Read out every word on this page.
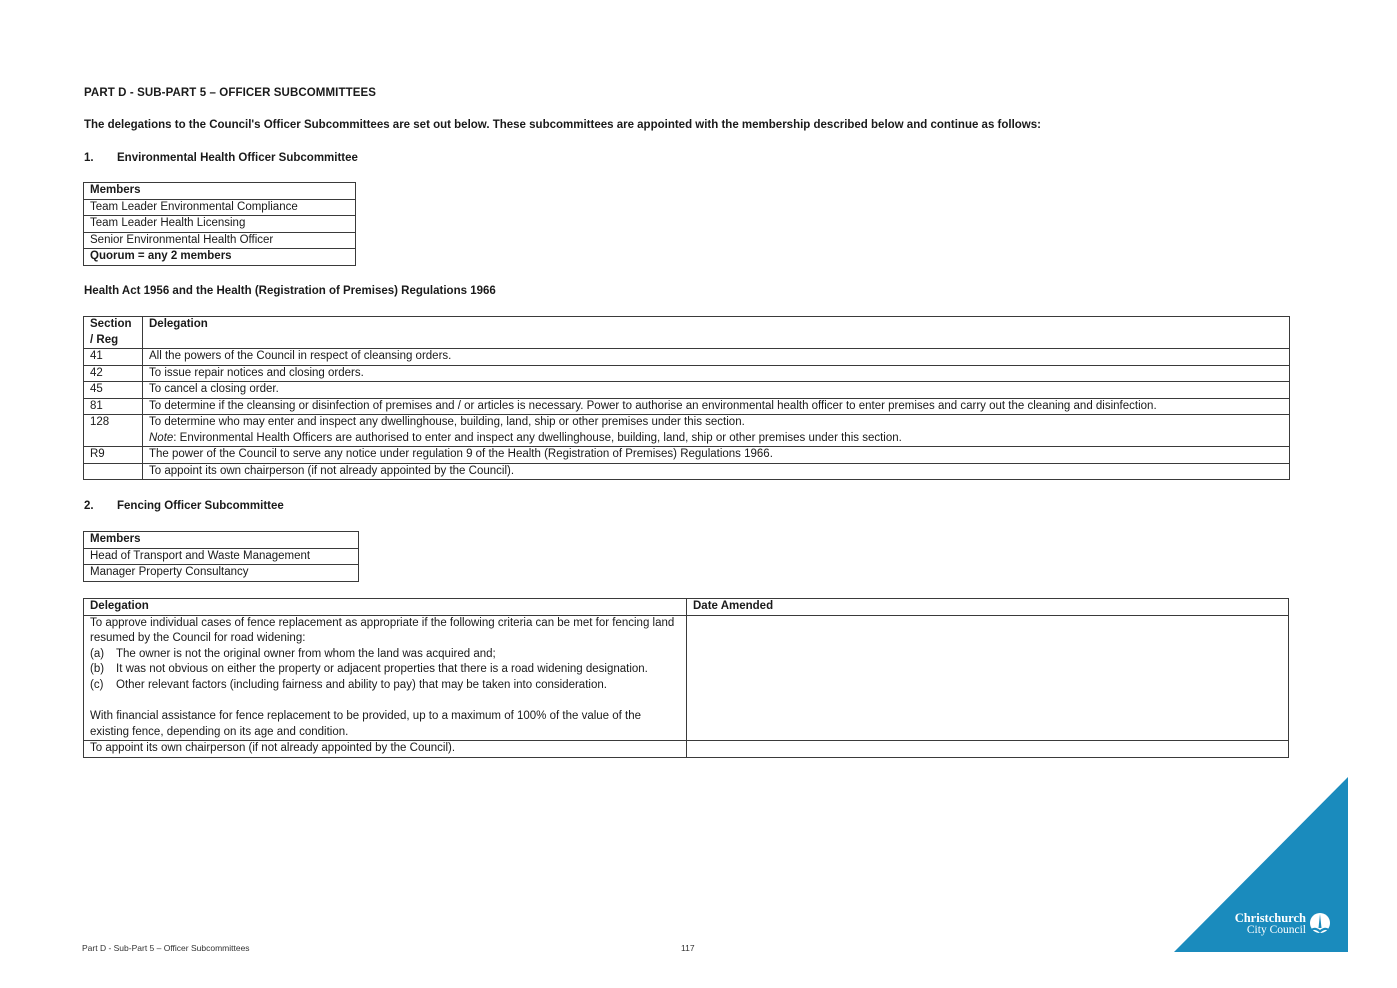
PART D - SUB-PART 5 – OFFICER SUBCOMMITTEES
The delegations to the Council's Officer Subcommittees are set out below. These subcommittees are appointed with the membership described below and continue as follows:
1. Environmental Health Officer Subcommittee
Members
Team Leader Environmental Compliance
Team Leader Health Licensing
Senior Environmental Health Officer
Quorum = any 2 members
Health Act 1956 and the Health (Registration of Premises) Regulations 1966
Section / Reg	Delegation
41	All the powers of the Council in respect of cleansing orders.
42	To issue repair notices and closing orders.
45	To cancel a closing order.
81	To determine if the cleansing or disinfection of premises and / or articles is necessary. Power to authorise an environmental health officer to enter premises and carry out the cleaning and disinfection.
128	To determine who may enter and inspect any dwellinghouse, building, land, ship or other premises under this section.
Note: Environmental Health Officers are authorised to enter and inspect any dwellinghouse, building, land, ship or other premises under this section.

R9	The power of the Council to serve any notice under regulation 9 of the Health (Registration of Premises) Regulations 1966.
	To appoint its own chairperson (if not already appointed by the Council).
2. Fencing Officer Subcommittee
Members
Head of Transport and Waste Management
Manager Property Consultancy
Delegation	Date Amended

To approve individual cases of fence replacement as appropriate if the following criteria can be met for fencing land resumed by the Council for road widening:
(a) The owner is not the original owner from whom the land was acquired and;
(b) It was not obvious on either the property or adjacent properties that there is a road widening designation.
(c) Other relevant factors (including fairness and ability to pay) that may be taken into consideration.
With financial assistance for fence replacement to be provided, up to a maximum of 100% of the value of the existing fence, depending on its age and condition.	

To appoint its own chairperson (if not already appointed by the Council).	
Part D - Sub-Part 5 – Officer Subcommittees	117
Christchurch
City Council
